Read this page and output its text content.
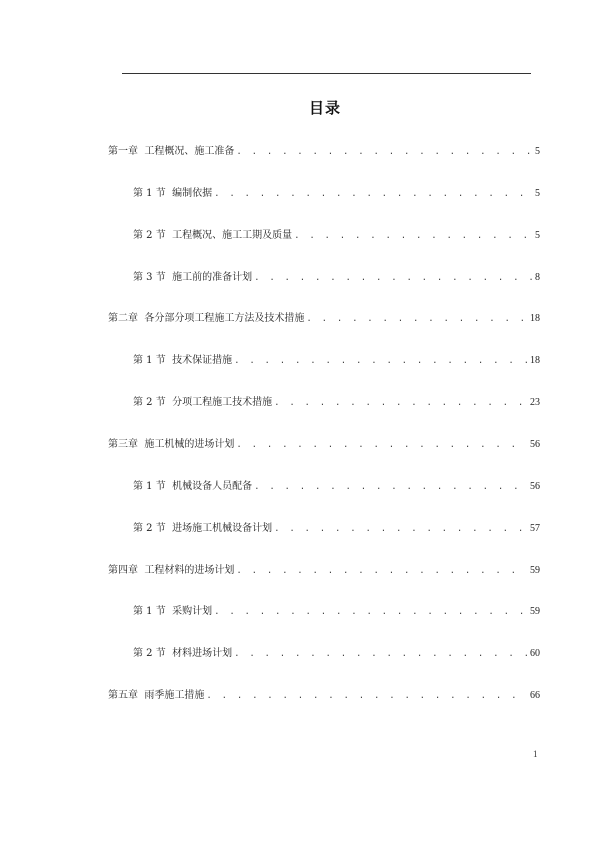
目录
第一章  工程概况、施工准备 . . .	5
第 1 节  编制依据 . . .	5
第 2 节  工程概况、施工工期及质量 . . .	5
第 3 节  施工前的准备计划 . . .	8
第二章  各分部分项工程施工方法及技术措施 . . .	18
第 1 节  技术保证措施 . . .	18
第 2 节  分项工程施工技术措施 . . .	23
第三章  施工机械的进场计划 . . .	56
第 1 节  机械设备人员配备 . . .	56
第 2 节  进场施工机械设备计划 . . .	57
第四章  工程材料的进场计划 . . .	59
第 1 节  采购计划 . . .	59
第 2 节  材料进场计划 . . .	60
第五章  雨季施工措施 . . .	66
1
